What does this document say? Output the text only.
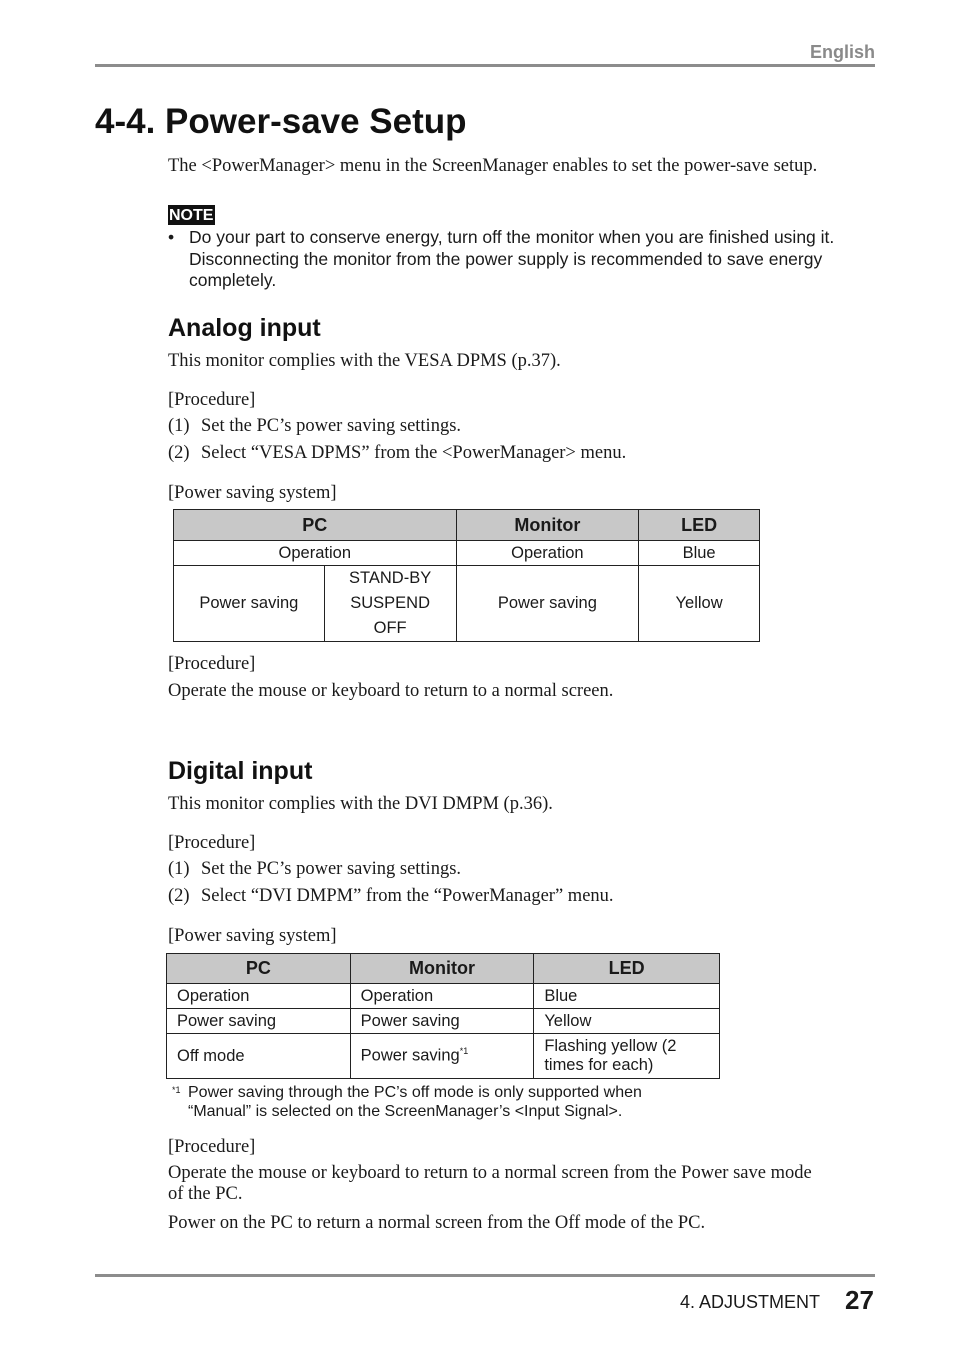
English
4-4. Power-save Setup
The <PowerManager> menu in the ScreenManager enables to set the power-save setup.
NOTE
• Do your part to conserve energy, turn off the monitor when you are finished using it.
Disconnecting the monitor from the power supply is recommended to save energy
completely.
Analog input
This monitor complies with the VESA DPMS (p.37).
[Procedure]
(1) Set the PC’s power saving settings.
(2) Select “VESA DPMS” from the <PowerManager> menu.
[Power saving system]
PC		Monitor	LED
Operation		Operation	Blue
Power saving	STAND-BY
SUSPEND
OFF	Power saving	Yellow
[Procedure]
Operate the mouse or keyboard to return to a normal screen.
Digital input
This monitor complies with the DVI DMPM (p.36).
[Procedure]
(1) Set the PC’s power saving settings.
(2) Select “DVI DMPM” from the “PowerManager” menu.
[Power saving system]
PC	Monitor	LED
Operation	Operation	Blue
Power saving	Power saving	Yellow
Off mode	Power saving$^{*1}$	Flashing yellow (2 times for each)
*1 Power saving through the PC’s off mode is only supported when
“Manual” is selected on the ScreenManager’s <Input Signal>.
[Procedure]
Operate the mouse or keyboard to return to a normal screen from the Power save mode
of the PC.
Power on the PC to return a normal screen from the Off mode of the PC.
4. ADJUSTMENT 27
